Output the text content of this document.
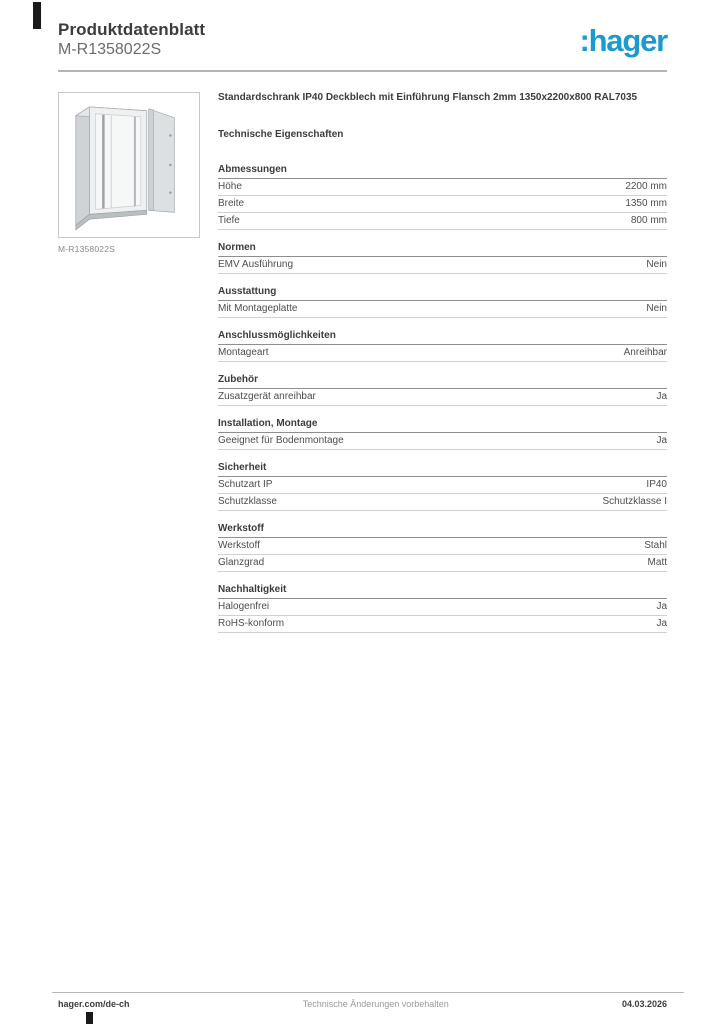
Produktdatenblatt
M-R1358022S	:hager
M-R1358022S
Standardschrank IP40 Deckblech mit Einführung Flansch 2mm 1350x2200x800 RAL7035
Technische Eigenschaften
Abmessungen
Höhe	2200 mm
Breite	1350 mm
Tiefe	800 mm
Normen
EMV Ausführung	Nein
Ausstattung
Mit Montageplatte	Nein
Anschlussmöglichkeiten
Montageart	Anreihbar
Zubehör
Zusatzgerät anreihbar	Ja
Installation, Montage
Geeignet für Bodenmontage	Ja
Sicherheit
Schutzart IP	IP40
Schutzklasse	Schutzklasse I
Werkstoff
Werkstoff	Stahl
Glanzgrad	Matt
Nachhaltigkeit
Halogenfrei	Ja
RoHS-konform	Ja
hager.com/de-ch	Technische Änderungen vorbehalten	04.03.2026
